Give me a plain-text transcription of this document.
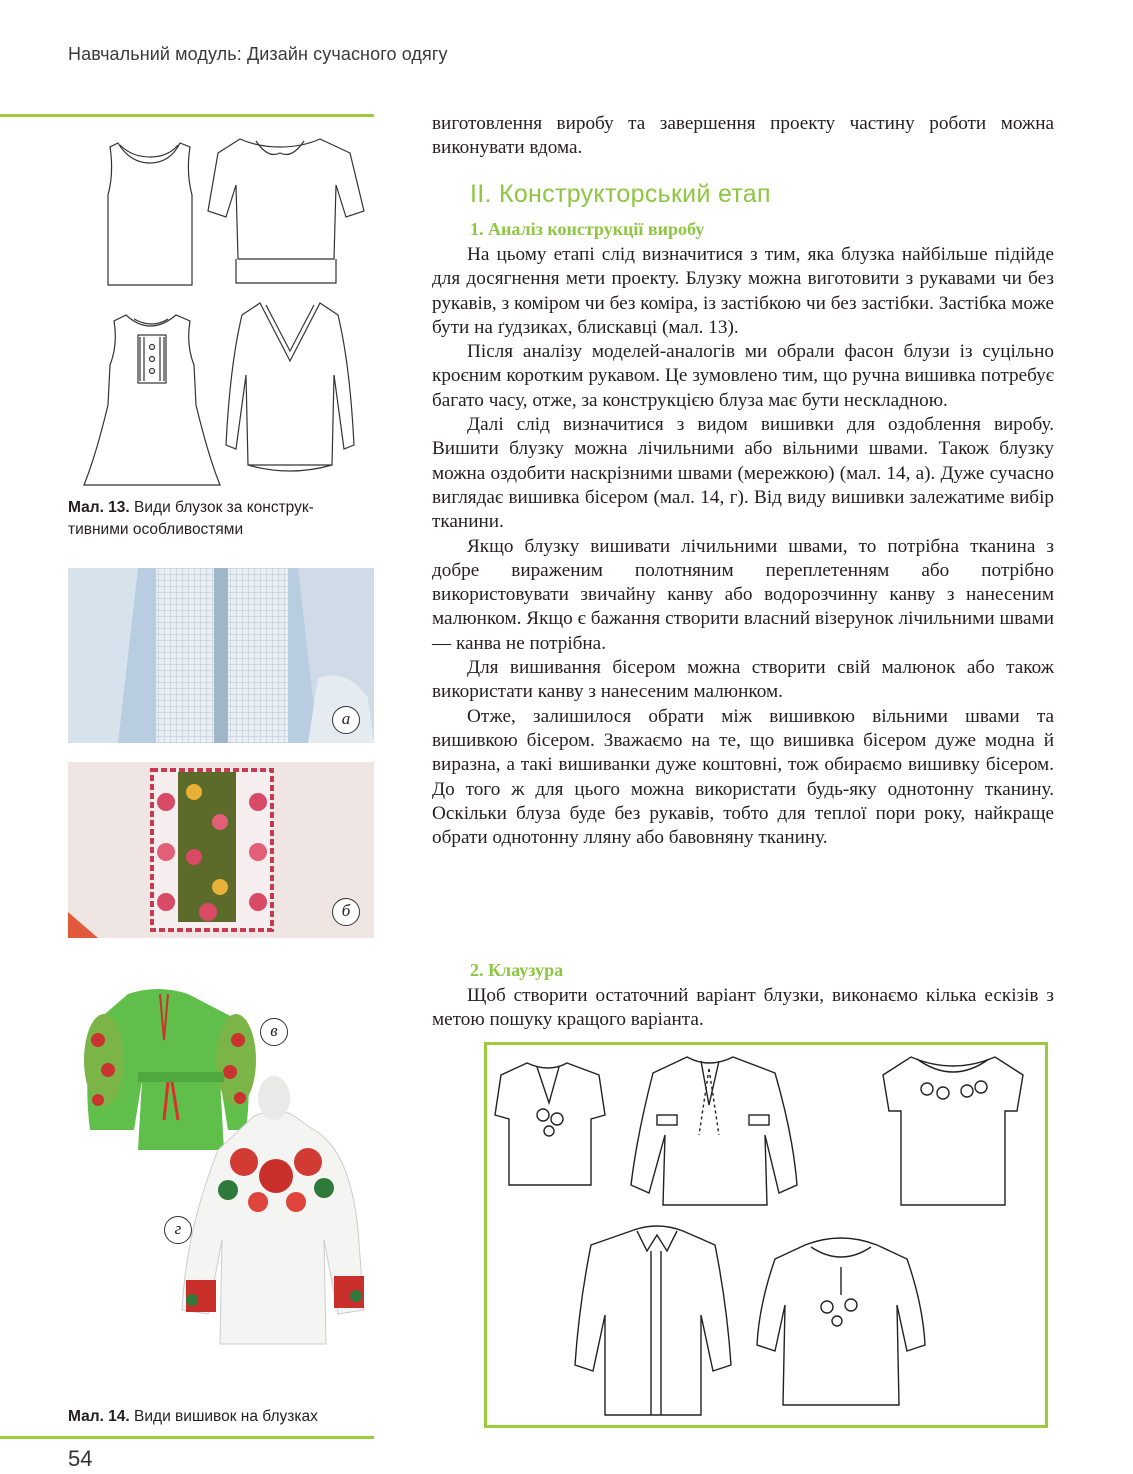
Навчальний модуль: Дизайн сучасного одягу
Мал. 13. Види блузок за конструк-тивними особливостями
а
б
в
г
Мал. 14. Види вишивок на блузках
54

виготовлення виробу та завершення проекту частину роботи можна виконувати вдома.

ІІ. Конструкторський етап
1. Аналіз конструкції виробу

На цьому етапі слід визначитися з тим, яка блузка найбільше підійде для досягнення мети проекту. Блузку можна виготовити з рукавами чи без рукавів, з коміром чи без коміра, із застібкою чи без застібки. Застібка може бути на ґудзиках, блискавці (мал. 13).

Після аналізу моделей-аналогів ми обрали фасон блузи із суцільно кроєним коротким рукавом. Це зумовлено тим, що ручна вишивка потребує багато часу, отже, за конструкцією блуза має бути нескладною.

Далі слід визначитися з видом вишивки для оздоблення виробу. Вишити блузку можна лічильними або вільними швами. Також блузку можна оздобити наскрізними швами (мережкою) (мал. 14, а). Дуже сучасно виглядає вишивка бісером (мал. 14, г). Від виду вишивки залежатиме вибір тканини.

Якщо блузку вишивати лічильними швами, то потрібна тканина з добре вираженим полотняним переплетенням або потрібно використовувати звичайну канву або водорозчинну канву з нанесеним малюнком. Якщо є бажання створити власний візерунок лічильними швами — канва не потрібна.

Для вишивання бісером можна створити свій малюнок або також використати канву з нанесеним малюнком.

Отже, залишилося обрати між вишивкою вільними швами та вишивкою бісером. Зважаємо на те, що вишивка бісером дуже модна й виразна, а такі вишиванки дуже коштовні, тож обираємо вишивку бісером. До того ж для цього можна використати будь-яку однотонну тканину. Оскільки блуза буде без рукавів, тобто для теплої пори року, найкраще обрати однотонну лляну або бавовняну тканину.

2. Клаузура

Щоб створити остаточний варіант блузки, виконаємо кілька ескізів з метою пошуку кращого варіанта.
